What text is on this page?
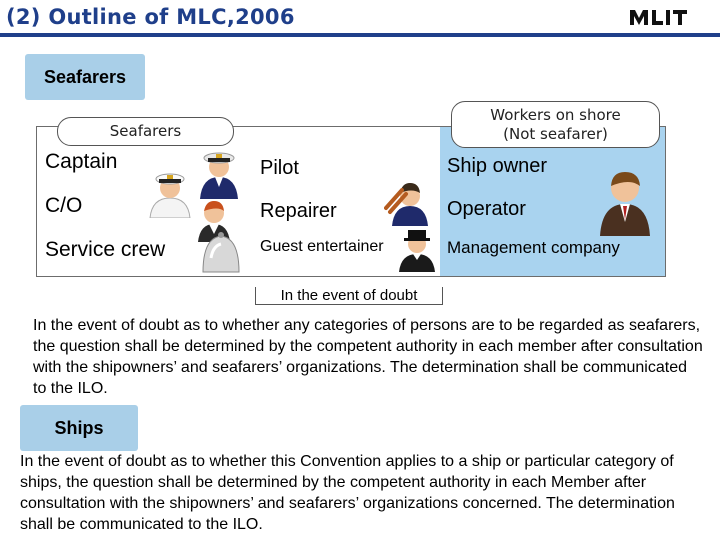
(2) Outline of MLC,2006
Seafarers
Seafarers
Workers on shore
(Not seafarer)
Captain
C/O
Service crew
Pilot
Repairer
Guest entertainer
Ship owner
Operator
Management company
In the event of doubt
In the event of doubt as to whether any categories of persons are to be regarded as seafarers, the question shall be determined by the competent authority in each member after consultation with the shipowners’ and seafarers’ organizations. The determination shall be communicated to the ILO.
Ships
In the event of doubt as to whether this Convention applies to a ship or particular category of ships, the question shall be determined by the competent authority in each Member after consultation with the shipowners’ and seafarers’ organizations concerned. The determination shall be communicated to the ILO.
